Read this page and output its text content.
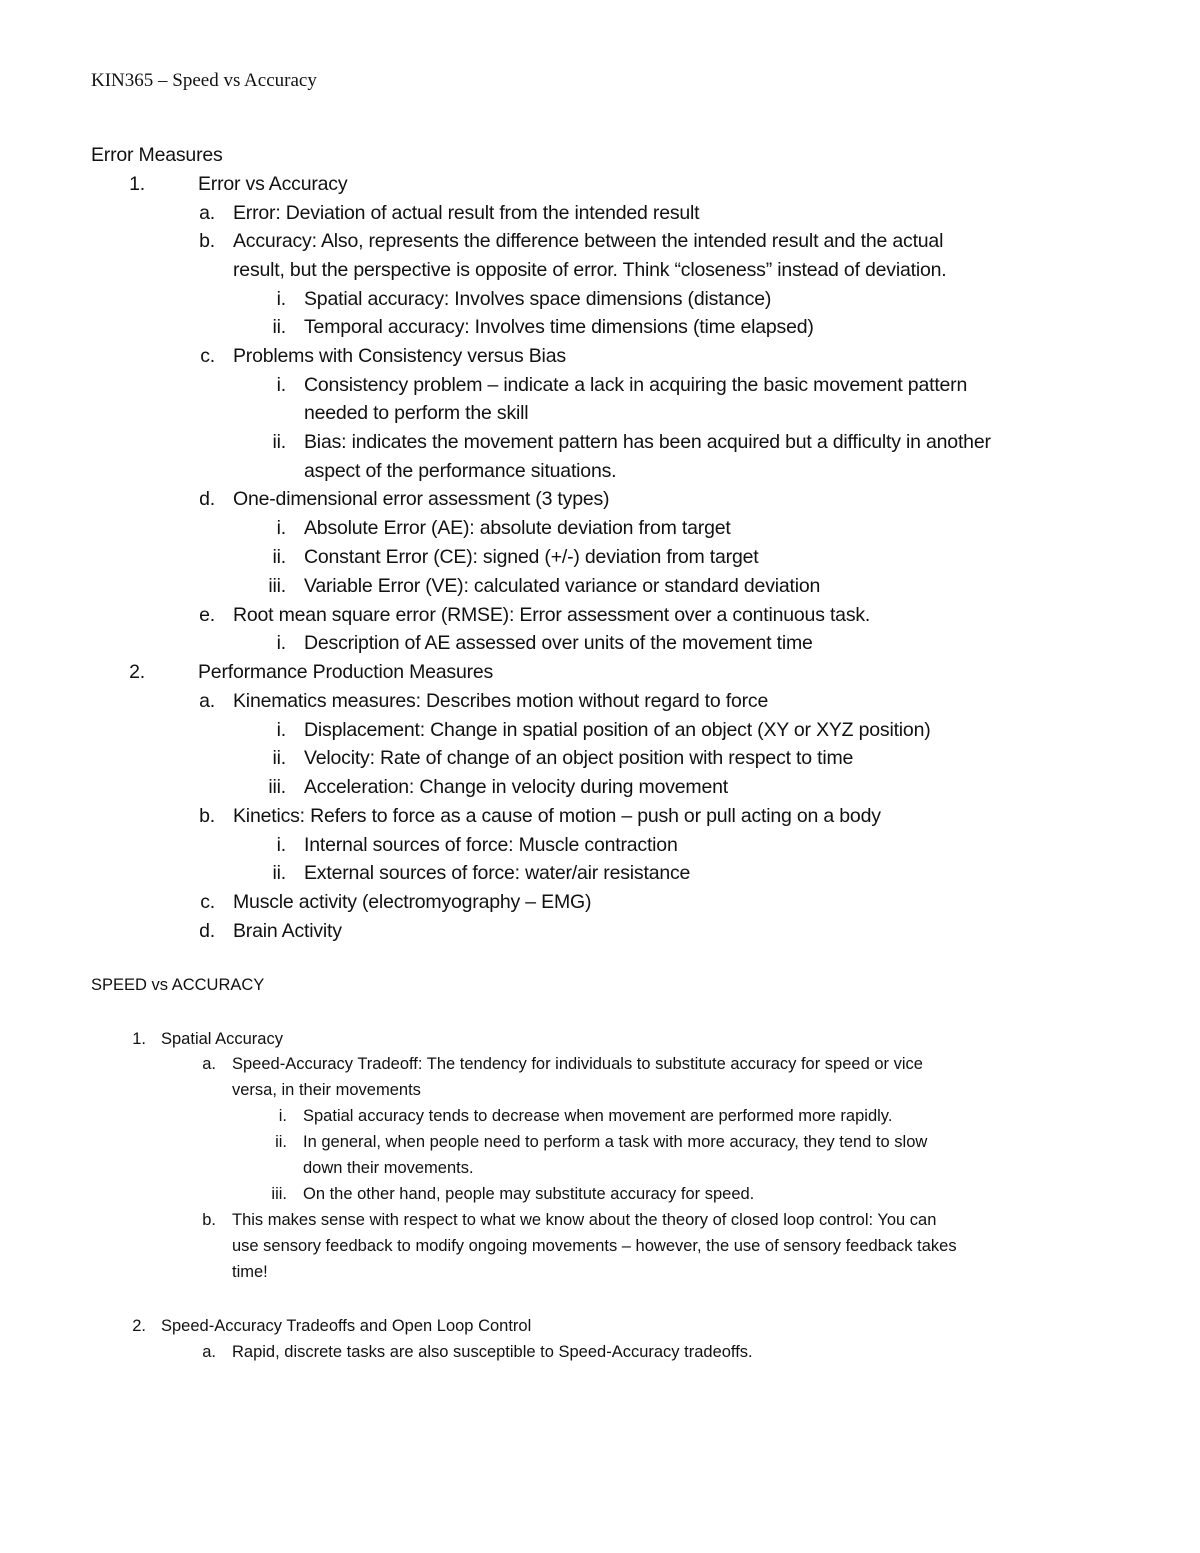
KIN365 – Speed vs Accuracy
Error Measures
1.	Error vs Accuracy
a. Error: Deviation of actual result from the intended result
b. Accuracy: Also, represents the difference between the intended result and the actual
result, but the perspective is opposite of error. Think “closeness” instead of deviation.
i. Spatial accuracy: Involves space dimensions (distance)
ii. Temporal accuracy: Involves time dimensions (time elapsed)
c. Problems with Consistency versus Bias
i. Consistency problem – indicate a lack in acquiring the basic movement pattern
needed to perform the skill
ii. Bias: indicates the movement pattern has been acquired but a difficulty in another
aspect of the performance situations.
d. One-dimensional error assessment (3 types)
i. Absolute Error (AE): absolute deviation from target
ii. Constant Error (CE): signed (+/-) deviation from target
iii. Variable Error (VE): calculated variance or standard deviation
e. Root mean square error (RMSE): Error assessment over a continuous task.
i. Description of AE assessed over units of the movement time
2.	Performance Production Measures
a. Kinematics measures: Describes motion without regard to force
i. Displacement: Change in spatial position of an object (XY or XYZ position)
ii. Velocity: Rate of change of an object position with respect to time
iii. Acceleration: Change in velocity during movement
b. Kinetics: Refers to force as a cause of motion – push or pull acting on a body
i. Internal sources of force: Muscle contraction
ii. External sources of force: water/air resistance
c. Muscle activity (electromyography – EMG)
d. Brain Activity
SPEED vs ACCURACY
1. Spatial Accuracy
a. Speed-Accuracy Tradeoff: The tendency for individuals to substitute accuracy for speed or vice
versa, in their movements
i. Spatial accuracy tends to decrease when movement are performed more rapidly.
ii. In general, when people need to perform a task with more accuracy, they tend to slow
down their movements.
iii. On the other hand, people may substitute accuracy for speed.
b. This makes sense with respect to what we know about the theory of closed loop control: You can
use sensory feedback to modify ongoing movements – however, the use of sensory feedback takes
time!
2. Speed-Accuracy Tradeoffs and Open Loop Control
a. Rapid, discrete tasks are also susceptible to Speed-Accuracy tradeoffs.
